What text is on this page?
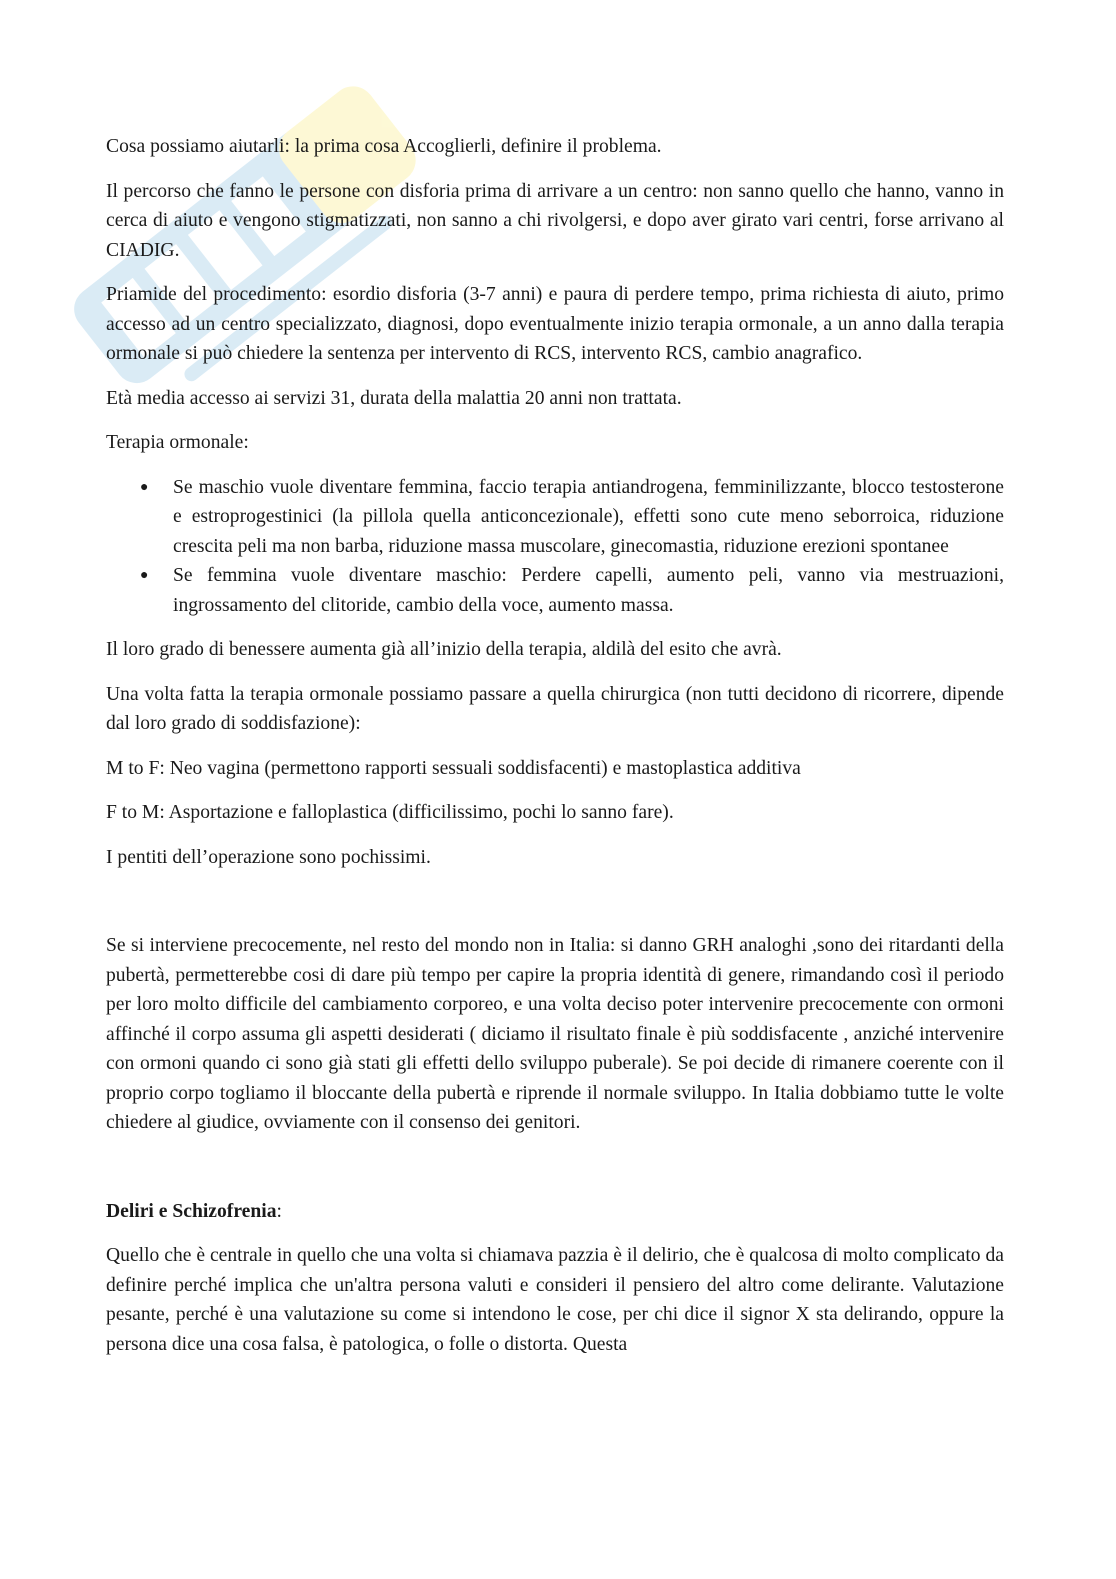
Cosa possiamo aiutarli: la prima cosa Accoglierli, definire il problema.

Il percorso che fanno le persone con disforia prima di arrivare a un centro: non sanno quello che hanno, vanno in cerca di aiuto e vengono stigmatizzati, non sanno a chi rivolgersi, e dopo aver girato vari centri, forse arrivano al CIADIG.

Priamide del procedimento: esordio disforia (3-7 anni) e paura di perdere tempo, prima richiesta di aiuto, primo accesso ad un centro specializzato, diagnosi, dopo eventualmente inizio terapia ormonale, a un anno dalla terapia ormonale si può chiedere la sentenza per intervento di RCS, intervento RCS, cambio anagrafico.

Età media accesso ai servizi 31, durata della malattia 20 anni non trattata.

Terapia ormonale:

● Se maschio vuole diventare femmina, faccio terapia antiandrogena, femminilizzante, blocco testosterone e estroprogestinici (la pillola quella anticoncezionale), effetti sono cute meno seborroica, riduzione crescita peli ma non barba, riduzione massa muscolare, ginecomastia, riduzione erezioni spontanee
● Se femmina vuole diventare maschio: Perdere capelli, aumento peli, vanno via mestruazioni, ingrossamento del clitoride, cambio della voce, aumento massa.

Il loro grado di benessere aumenta già all’inizio della terapia, aldilà del esito che avrà.

Una volta fatta la terapia ormonale possiamo passare a quella chirurgica (non tutti decidono di ricorrere, dipende dal loro grado di soddisfazione):

M to F: Neo vagina (permettono rapporti sessuali soddisfacenti) e mastoplastica additiva

F to M: Asportazione e falloplastica (difficilissimo, pochi lo sanno fare).

I pentiti dell’operazione sono pochissimi.

Se si interviene precocemente, nel resto del mondo non in Italia: si danno GRH analoghi ,sono dei ritardanti della pubertà, permetterebbe cosi di dare più tempo per capire la propria identità di genere, rimandando così il periodo per loro molto difficile del cambiamento corporeo, e una volta deciso poter intervenire precocemente con ormoni affinché il corpo assuma gli aspetti desiderati ( diciamo il risultato finale è più soddisfacente , anziché intervenire con ormoni quando ci sono già stati gli effetti dello sviluppo puberale). Se poi decide di rimanere coerente con il proprio corpo togliamo il bloccante della pubertà e riprende il normale sviluppo. In Italia dobbiamo tutte le volte chiedere al giudice, ovviamente con il consenso dei genitori.

Deliri e Schizofrenia:

Quello che è centrale in quello che una volta si chiamava pazzia è il delirio, che è qualcosa di molto complicato da definire perché implica che un'altra persona valuti e consideri il pensiero del altro come delirante. Valutazione pesante, perché è una valutazione su come si intendono le cose, per chi dice il signor X sta delirando, oppure la persona dice una cosa falsa, è patologica, o folle o distorta. Questa
